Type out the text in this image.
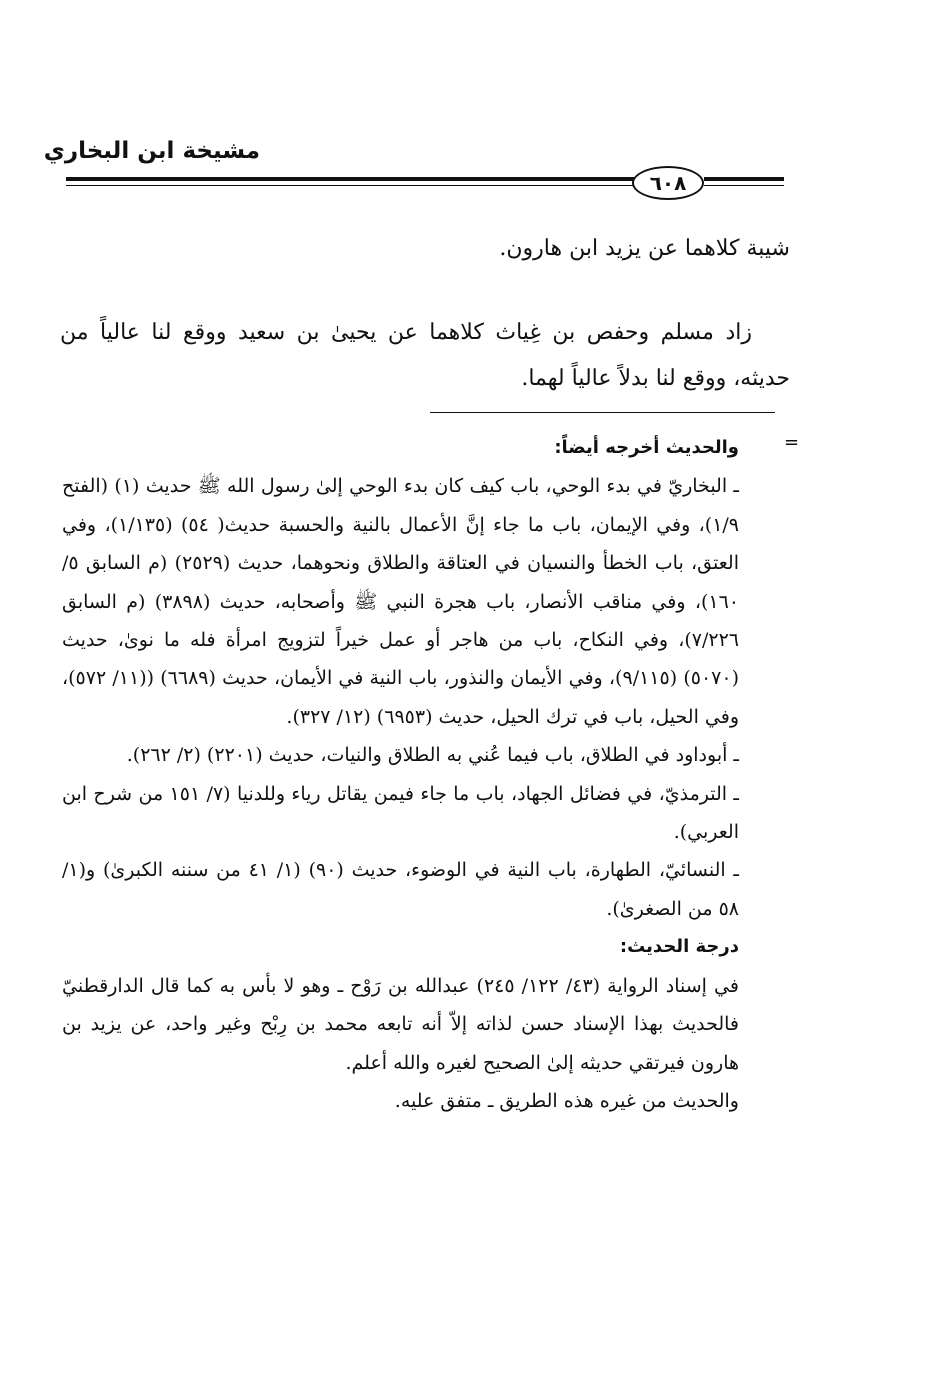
مشيخة ابن البخاري
٦٠٨
شيبة كلاهما عن يزيد ابن هارون.
زاد مسلم وحفص بن غِياث كلاهما عن يحيىٰ بن سعيد ووقع لنا عالياً من حديثه، ووقع لنا بدلاً عالياً لهما.
=

والحديث أخرجه أيضاً:

ـ البخاريّ في بدء الوحي، باب كيف كان بدء الوحي إلىٰ رسول الله ﷺ حديث (١) (الفتح ١/٩)، وفي الإيمان، باب ما جاء إنَّ الأعمال بالنية والحسبة حديث( ٥٤) (١/١٣٥)، وفي العتق، باب الخطأ والنسيان في العتاقة والطلاق ونحوهما، حديث (٢٥٢٩) (م السابق ٥/ ١٦٠)، وفي مناقب الأنصار، باب هجرة النبي ﷺ وأصحابه، حديث (٣٨٩٨) (م السابق ٧/٢٢٦)، وفي النكاح، باب من هاجر أو عمل خيراً لتزويج امرأة فله ما نوىٰ، حديث (٥٠٧٠) (٩/١١٥)، وفي الأيمان والنذور، باب النية في الأيمان، حديث (٦٦٨٩) ((١١/ ٥٧٢)، وفي الحيل، باب في ترك الحيل، حديث (٦٩٥٣) (١٢/ ٣٢٧).

ـ أبوداود في الطلاق، باب فيما عُني به الطلاق والنيات، حديث (٢٢٠١) (٢/ ٢٦٢).

ـ الترمذيّ، في فضائل الجهاد، باب ما جاء فيمن يقاتل رياء وللدنيا (٧/ ١٥١ من شرح ابن العربي).

ـ النسائيّ، الطهارة، باب النية في الوضوء، حديث (٩٠) (١/ ٤١ من سننه الكبرىٰ) و(١/ ٥٨ من الصغرىٰ).

درجة الحديث:

في إسناد الرواية (٤٣/ ١٢٢/ ٢٤٥) عبدالله بن رَوْح ـ وهو لا بأس به كما قال الدارقطنيّ فالحديث بهذا الإسناد حسن لذاته إلاّ أنه تابعه محمد بن رِبْح وغير واحد، عن يزيد بن هارون فيرتقي حديثه إلىٰ الصحيح لغيره والله أعلم.

والحديث من غيره هذه الطريق ـ متفق عليه.
